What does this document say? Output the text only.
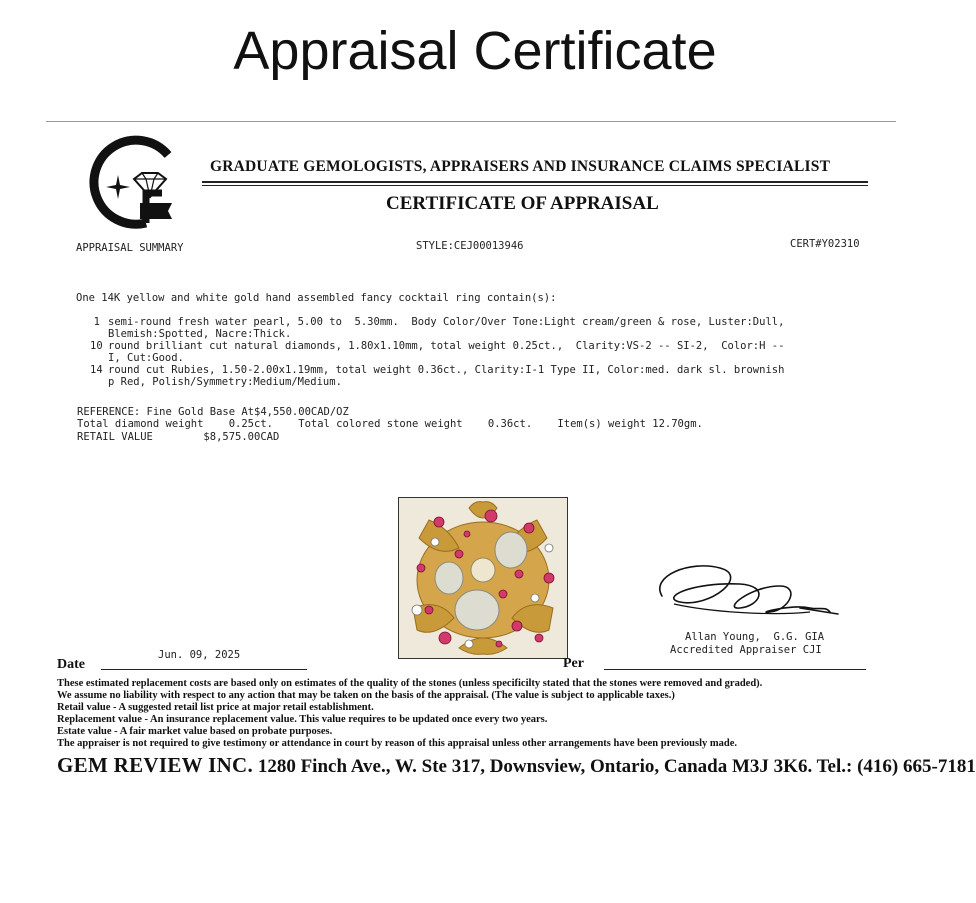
Appraisal Certificate
GRADUATE GEMOLOGISTS, APPRAISERS AND INSURANCE CLAIMS SPECIALIST
CERTIFICATE OF APPRAISAL
APPRAISAL SUMMARY	STYLE:CEJ00013946	CERT#Y02310
One 14K yellow and white gold hand assembled fancy cocktail ring contain(s):
1 semi-round fresh water pearl, 5.00 to  5.30mm.  Body Color/Over Tone:Light cream/green & rose, Luster:Dull,
Blemish:Spotted, Nacre:Thick.
10 round brilliant cut natural diamonds, 1.80x1.10mm, total weight 0.25ct.,  Clarity:VS-2 -- SI-2,  Color:H --
I, Cut:Good.
14 round cut Rubies, 1.50-2.00x1.19mm, total weight 0.36ct., Clarity:I-1 Type II, Color:med. dark sl. brownish
p Red, Polish/Symmetry:Medium/Medium.
REFERENCE: Fine Gold Base At$4,550.00CAD/OZ
Total diamond weight    0.25ct.    Total colored stone weight    0.36ct.    Item(s) weight 12.70gm.
RETAIL VALUE        $8,575.00CAD
Allan Young,  G.G. GIA
Accredited Appraiser CJI
Jun. 09, 2025
Date	Per
These estimated replacement costs are based only on estimates of the quality of the stones (unless specificilty stated that the stones were removed and graded).
We assume no liability with respect to any action that may be taken on the basis of the appraisal. (The value is subject to applicable taxes.)
Retail value - A suggested retail list price at major retail establishment.
Replacement value - An insurance replacement value. This value requires to be updated once every two years.
Estate value - A fair market value based on probate purposes.
The appraiser is not required to give testimony or attendance in court by reason of this appraisal unless other arrangements have been previously made.
GEM REVIEW INC. 1280 Finch Ave., W. Ste 317, Downsview, Ontario, Canada M3J 3K6. Tel.: (416) 665-7181
